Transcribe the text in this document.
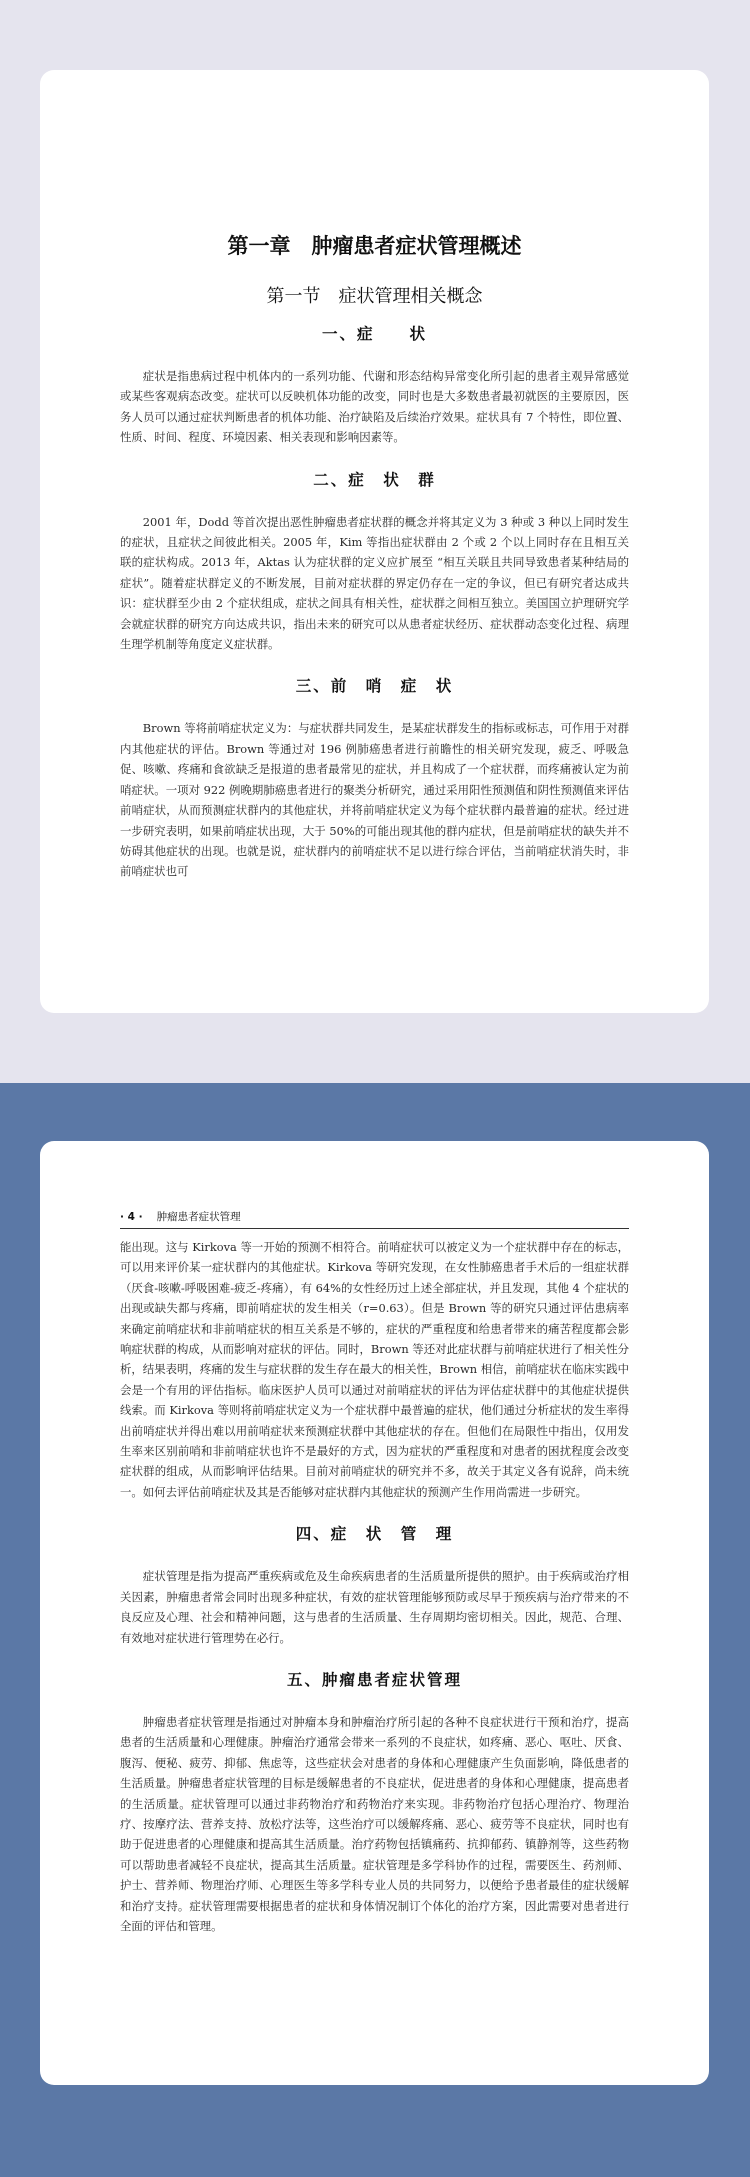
第一章　肿瘤患者症状管理概述
第一节　症状管理相关概念
一、症　　状

症状是指患病过程中机体内的一系列功能、代谢和形态结构异常变化所引起的患者主观异常感觉或某些客观病态改变。症状可以反映机体功能的改变，同时也是大多数患者最初就医的主要原因，医务人员可以通过症状判断患者的机体功能、治疗缺陷及后续治疗效果。症状具有 7 个特性，即位置、性质、时间、程度、环境因素、相关表现和影响因素等。

二、症　状　群

2001 年，Dodd 等首次提出恶性肿瘤患者症状群的概念并将其定义为 3 种或 3 种以上同时发生的症状，且症状之间彼此相关。2005 年，Kim 等指出症状群由 2 个或 2 个以上同时存在且相互关联的症状构成。2013 年，Aktas 认为症状群的定义应扩展至 “相互关联且共同导致患者某种结局的症状”。随着症状群定义的不断发展，目前对症状群的界定仍存在一定的争议，但已有研究者达成共识：症状群至少由 2 个症状组成，症状之间具有相关性，症状群之间相互独立。美国国立护理研究学会就症状群的研究方向达成共识，指出未来的研究可以从患者症状经历、症状群动态变化过程、病理生理学机制等角度定义症状群。

三、前　哨　症　状

Brown 等将前哨症状定义为：与症状群共同发生，是某症状群发生的指标或标志，可作用于对群内其他症状的评估。Brown 等通过对 196 例肺癌患者进行前瞻性的相关研究发现，疲乏、呼吸急促、咳嗽、疼痛和食欲缺乏是报道的患者最常见的症状，并且构成了一个症状群，而疼痛被认定为前哨症状。一项对 922 例晚期肺癌患者进行的聚类分析研究，通过采用阳性预测值和阴性预测值来评估前哨症状，从而预测症状群内的其他症状，并将前哨症状定义为每个症状群内最普遍的症状。经过进一步研究表明，如果前哨症状出现，大于 50%的可能出现其他的群内症状，但是前哨症状的缺失并不妨碍其他症状的出现。也就是说，症状群内的前哨症状不足以进行综合评估，当前哨症状消失时，非前哨症状也可

· 4 · 肿瘤患者症状管理

能出现。这与 Kirkova 等一开始的预测不相符合。前哨症状可以被定义为一个症状群中存在的标志，可以用来评价某一症状群内的其他症状。Kirkova 等研究发现，在女性肺癌患者手术后的一组症状群（厌食-咳嗽-呼吸困难-疲乏-疼痛），有 64%的女性经历过上述全部症状，并且发现，其他 4 个症状的出现或缺失都与疼痛，即前哨症状的发生相关（r=0.63）。但是 Brown 等的研究只通过评估患病率来确定前哨症状和非前哨症状的相互关系是不够的，症状的严重程度和给患者带来的痛苦程度都会影响症状群的构成，从而影响对症状的评估。同时，Brown 等还对此症状群与前哨症状进行了相关性分析，结果表明，疼痛的发生与症状群的发生存在最大的相关性，Brown 相信，前哨症状在临床实践中会是一个有用的评估指标。临床医护人员可以通过对前哨症状的评估为评估症状群中的其他症状提供线索。而 Kirkova 等则将前哨症状定义为一个症状群中最普遍的症状，他们通过分析症状的发生率得出前哨症状并得出难以用前哨症状来预测症状群中其他症状的存在。但他们在局限性中指出，仅用发生率来区别前哨和非前哨症状也许不是最好的方式，因为症状的严重程度和对患者的困扰程度会改变症状群的组成，从而影响评估结果。目前对前哨症状的研究并不多，故关于其定义各有说辞，尚未统一。如何去评估前哨症状及其是否能够对症状群内其他症状的预测产生作用尚需进一步研究。

四、症　状　管　理

症状管理是指为提高严重疾病或危及生命疾病患者的生活质量所提供的照护。由于疾病或治疗相关因素，肿瘤患者常会同时出现多种症状，有效的症状管理能够预防或尽早于预疾病与治疗带来的不良反应及心理、社会和精神问题，这与患者的生活质量、生存周期均密切相关。因此，规范、合理、有效地对症状进行管理势在必行。

五、肿瘤患者症状管理

肿瘤患者症状管理是指通过对肿瘤本身和肿瘤治疗所引起的各种不良症状进行干预和治疗，提高患者的生活质量和心理健康。肿瘤治疗通常会带来一系列的不良症状，如疼痛、恶心、呕吐、厌食、腹泻、便秘、疲劳、抑郁、焦虑等，这些症状会对患者的身体和心理健康产生负面影响，降低患者的生活质量。肿瘤患者症状管理的目标是缓解患者的不良症状，促进患者的身体和心理健康，提高患者的生活质量。症状管理可以通过非药物治疗和药物治疗来实现。非药物治疗包括心理治疗、物理治疗、按摩疗法、营养支持、放松疗法等，这些治疗可以缓解疼痛、恶心、疲劳等不良症状，同时也有助于促进患者的心理健康和提高其生活质量。治疗药物包括镇痛药、抗抑郁药、镇静剂等，这些药物可以帮助患者减轻不良症状，提高其生活质量。症状管理是多学科协作的过程，需要医生、药剂师、护士、营养师、物理治疗师、心理医生等多学科专业人员的共同努力，以便给予患者最佳的症状缓解和治疗支持。症状管理需要根据患者的症状和身体情况制订个体化的治疗方案，因此需要对患者进行全面的评估和管理。
